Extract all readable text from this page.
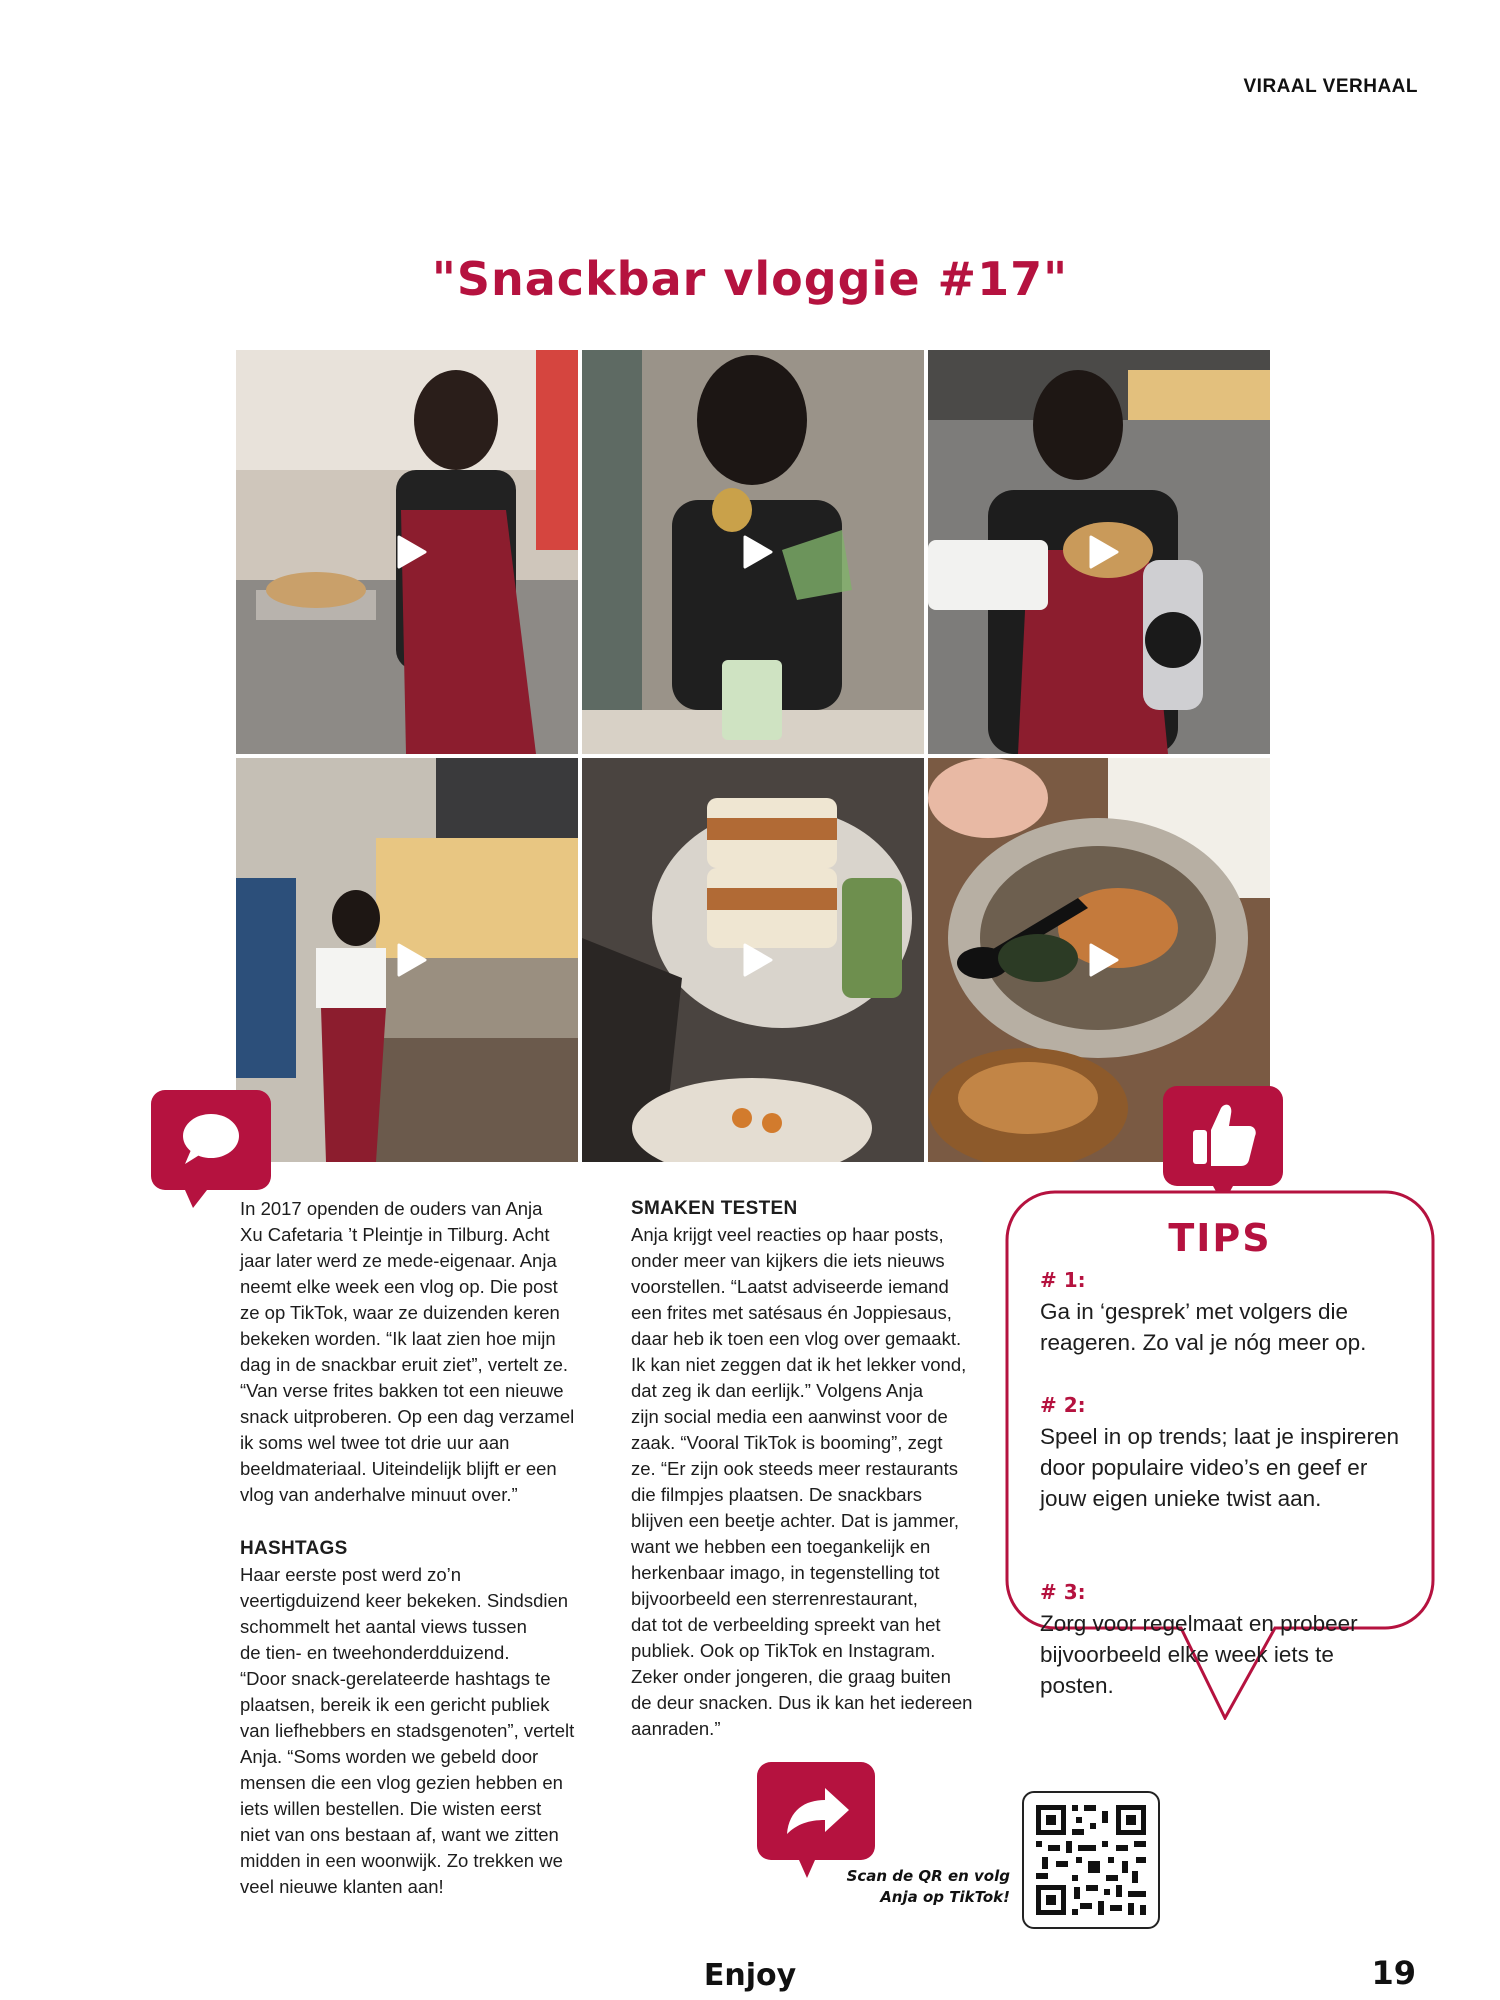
VIRAAL VERHAAL
"Snackbar vloggie #17"

In 2017 openden de ouders van Anja
Xu Cafetaria ’t Pleintje in Tilburg. Acht
jaar later werd ze mede-eigenaar. Anja
neemt elke week een vlog op. Die post
ze op TikTok, waar ze duizenden keren
bekeken worden. “Ik laat zien hoe mijn
dag in de snackbar eruit ziet”, vertelt ze.
“Van verse frites bakken tot een nieuwe
snack uitproberen. Op een dag verzamel
ik soms wel twee tot drie uur aan
beeldmateriaal. Uiteindelijk blijft er een
vlog van anderhalve minuut over.”

HASHTAGS

Haar eerste post werd zo’n
veertigduizend keer bekeken. Sindsdien
schommelt het aantal views tussen
de tien- en tweehonderdduizend.
“Door snack-gerelateerde hashtags te
plaatsen, bereik ik een gericht publiek
van liefhebbers en stadsgenoten”, vertelt
Anja. “Soms worden we gebeld door
mensen die een vlog gezien hebben en
iets willen bestellen. Die wisten eerst
niet van ons bestaan af, want we zitten
midden in een woonwijk. Zo trekken we
veel nieuwe klanten aan!

SMAKEN TESTEN

Anja krijgt veel reacties op haar posts,
onder meer van kijkers die iets nieuws
voorstellen. “Laatst adviseerde iemand
een frites met satésaus én Joppiesaus,
daar heb ik toen een vlog over gemaakt.
Ik kan niet zeggen dat ik het lekker vond,
dat zeg ik dan eerlijk.” Volgens Anja
zijn social media een aanwinst voor de
zaak. “Vooral TikTok is booming”, zegt
ze. “Er zijn ook steeds meer restaurants
die filmpjes plaatsen. De snackbars
blijven een beetje achter. Dat is jammer,
want we hebben een toegankelijk en
herkenbaar imago, in tegenstelling tot
bijvoorbeeld een sterrenrestaurant,
dat tot de verbeelding spreekt van het
publiek. Ook op TikTok en Instagram.
Zeker onder jongeren, die graag buiten
de deur snacken. Dus ik kan het iedereen
aanraden.”

TIPS
# 1:
Ga in ‘gesprek’ met volgers die reageren. Zo val je nóg meer op.
# 2:
Speel in op trends; laat je inspireren door populaire video’s en geef er jouw eigen unieke twist aan.
# 3:
Zorg voor regelmaat en probeer bijvoorbeeld elke week iets te posten.
Scan de QR en volg
Anja op TikTok!
Enjoy	19
